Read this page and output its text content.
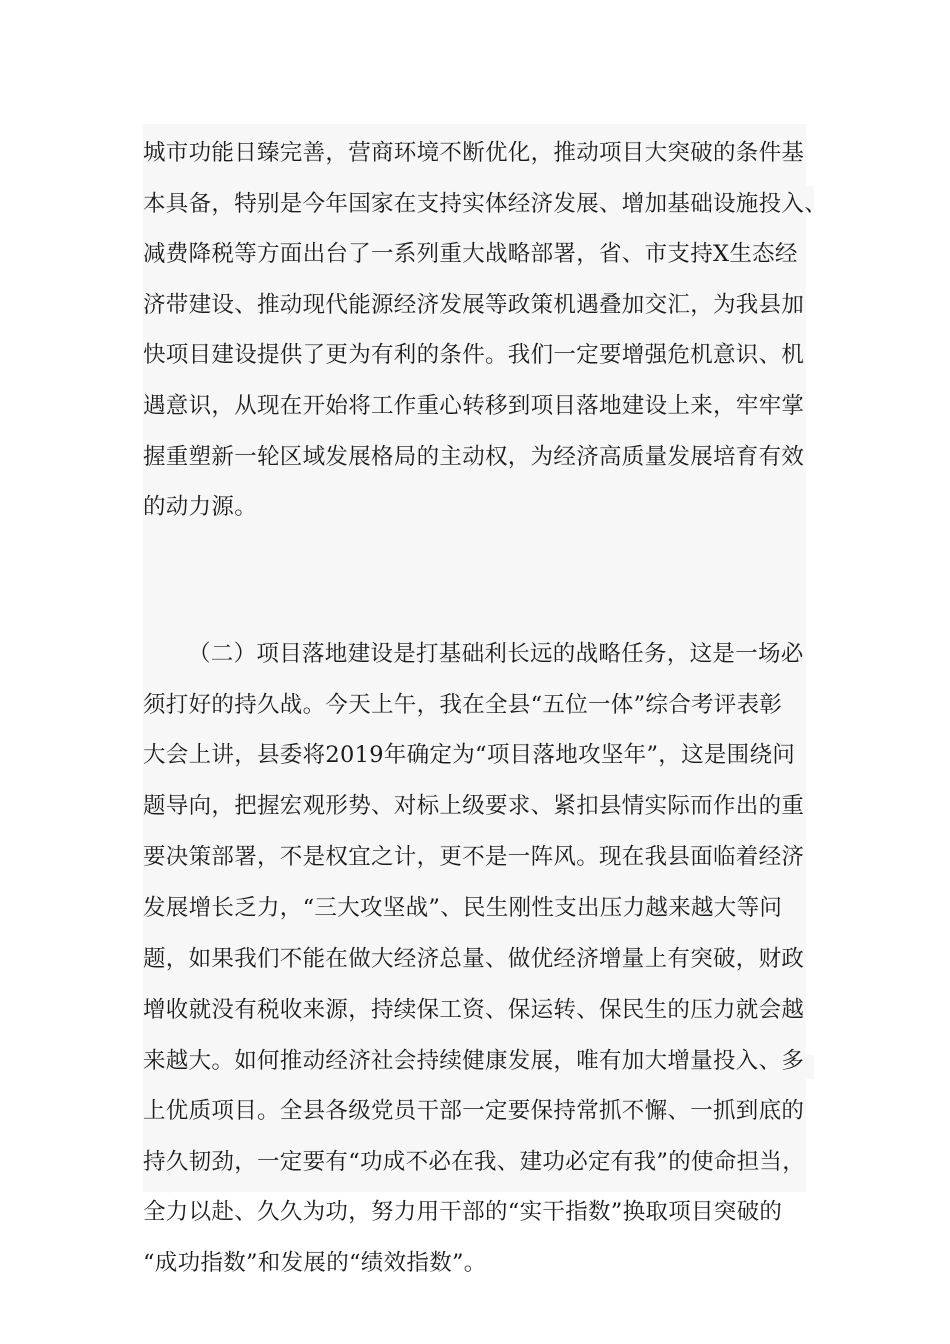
城市功能日臻完善，营商环境不断优化，推动项目大突破的条件基
本具备，特别是今年国家在支持实体经济发展、增加基础设施投入、
减费降税等方面出台了一系列重大战略部署，省、市支持X生态经
济带建设、推动现代能源经济发展等政策机遇叠加交汇，为我县加
快项目建设提供了更为有利的条件。我们一定要增强危机意识、机
遇意识，从现在开始将工作重心转移到项目落地建设上来，牢牢掌
握重塑新一轮区域发展格局的主动权，为经济高质量发展培育有效
的动力源。
（二）项目落地建设是打基础利长远的战略任务，这是一场必
须打好的持久战。今天上午，我在全县“五位一体”综合考评表彰
大会上讲，县委将2019年确定为“项目落地攻坚年”，这是围绕问
题导向，把握宏观形势、对标上级要求、紧扣县情实际而作出的重
要决策部署，不是权宜之计，更不是一阵风。现在我县面临着经济
发展增长乏力，“三大攻坚战”、民生刚性支出压力越来越大等问
题，如果我们不能在做大经济总量、做优经济增量上有突破，财政
增收就没有税收来源，持续保工资、保运转、保民生的压力就会越
来越大。如何推动经济社会持续健康发展，唯有加大增量投入、多
上优质项目。全县各级党员干部一定要保持常抓不懈、一抓到底的
持久韧劲，一定要有“功成不必在我、建功必定有我”的使命担当，
全力以赴、久久为功，努力用干部的“实干指数”换取项目突破的
“成功指数”和发展的“绩效指数”。
